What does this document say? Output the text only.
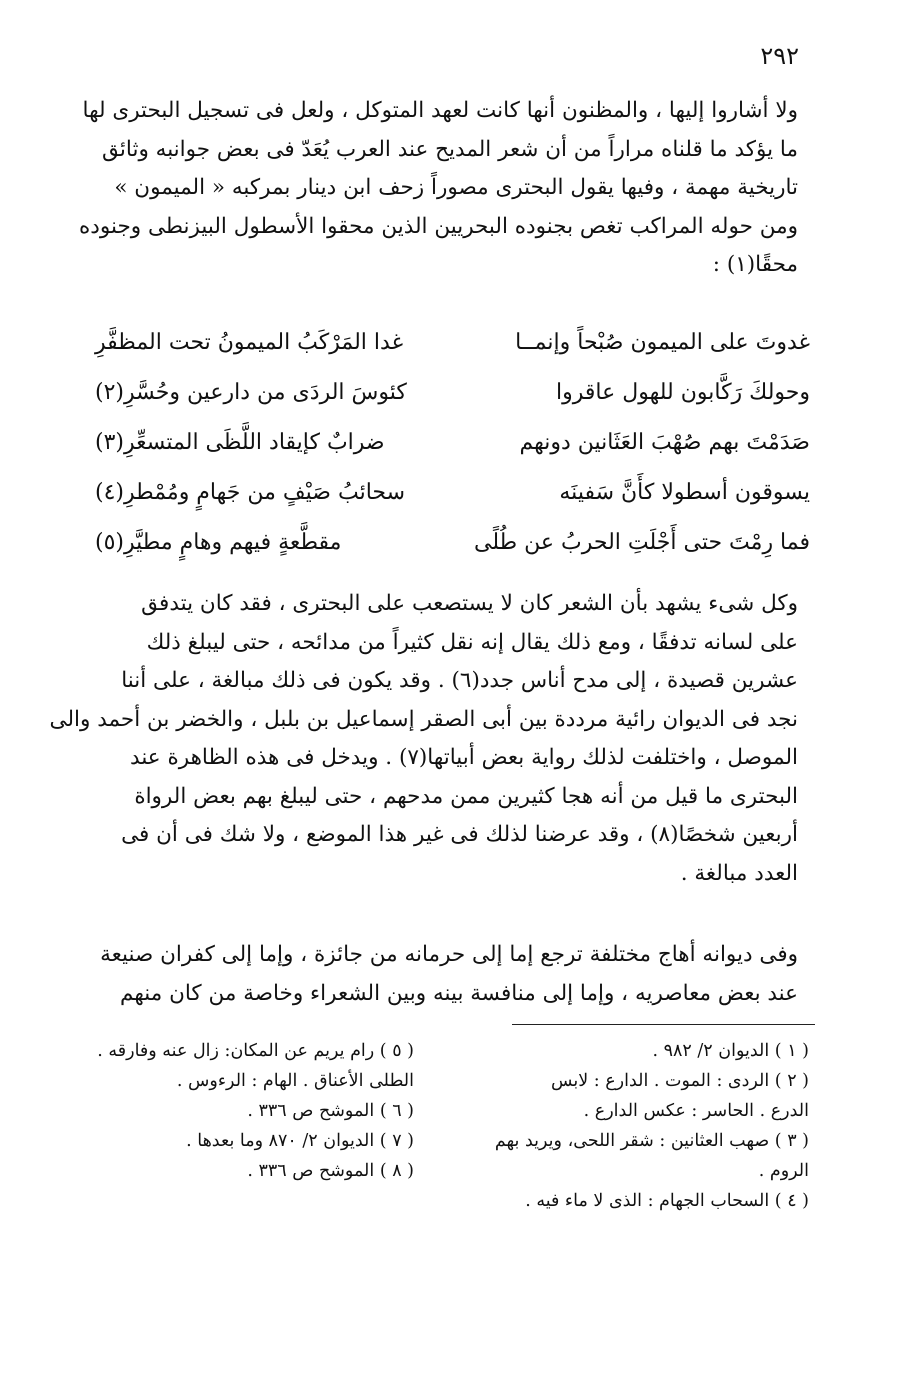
٢٩٢

ولا أشاروا إليها ، والمظنون أنها كانت لعهد المتوكل ، ولعل فى تسجيل البحترى لها
ما يؤكد ما قلناه مراراً من أن شعر المديح عند العرب يُعَدّ فى بعض جوانبه وثائق
تاريخية مهمة ، وفيها يقول البحترى مصوراً زحف ابن دينار بمركبه « الميمون »
ومن حوله المراكب تغص بجنوده البحريين الذين محقوا الأسطول البيزنطى وجنوده
محقًا(١) :

غدوتَ على الميمون صُبْحاً وإنمــا
غدا المَرْكَبُ الميمونُ تحت المظفَّرِ
وحولكَ رَكَّابون للهول عاقروا
كئوسَ الردَى من دارعين وحُسَّرِ(٢)
صَدَمْتَ بهم صُهْبَ العَثَانين دونهم
ضرابٌ كإيقاد اللَّظَى المتسعِّرِ(٣)
يسوقون أسطولا كأَنَّ سَفينَه
سحائبُ صَيْفٍ من جَهامٍ ومُمْطرِ(٤)
فما رِمْتَ حتى أَجْلَتِ الحربُ عن طُلًى
مقطَّعةٍ فيهم وهامٍ مطيَّرِ(٥)

وكل شىء يشهد بأن الشعر كان لا يستصعب على البحترى ، فقد كان يتدفق
على لسانه تدفقًا ، ومع ذلك يقال إنه نقل كثيراً من مدائحه ، حتى ليبلغ ذلك
عشرين قصيدة ، إلى مدح أناس جدد(٦) . وقد يكون فى ذلك مبالغة ، على أننا
نجد فى الديوان رائية مرددة بين أبى الصقر إسماعيل بن بلبل ، والخضر بن أحمد والى
الموصل ، واختلفت لذلك رواية بعض أبياتها(٧) . ويدخل فى هذه الظاهرة عند
البحترى ما قيل من أنه هجا كثيرين ممن مدحهم ، حتى ليبلغ بهم بعض الرواة
أربعين شخصًا(٨) ، وقد عرضنا لذلك فى غير هذا الموضع ، ولا شك فى أن فى
العدد مبالغة .

وفى ديوانه أهاج مختلفة ترجع إما إلى حرمانه من جائزة ، وإما إلى كفران صنيعة
عند بعض معاصريه ، وإما إلى منافسة بينه وبين الشعراء وخاصة من كان منهم

( ١ ) الديوان ٢/ ٩٨٢ .
( ٢ ) الردى : الموت . الدارع : لابس
الدرع . الحاسر : عكس الدارع .
( ٣ ) صهب العثانين : شقر اللحى، ويريد بهم
الروم .
( ٤ ) السحاب الجهام : الذى لا ماء فيه .
( ٥ ) رام يريم عن المكان: زال عنه وفارقه .
الطلى الأعناق . الهام : الرءوس .
( ٦ ) الموشح ص ٣٣٦ .
( ٧ ) الديوان ٢/ ٨٧٠ وما بعدها .
( ٨ ) الموشح ص ٣٣٦ .
